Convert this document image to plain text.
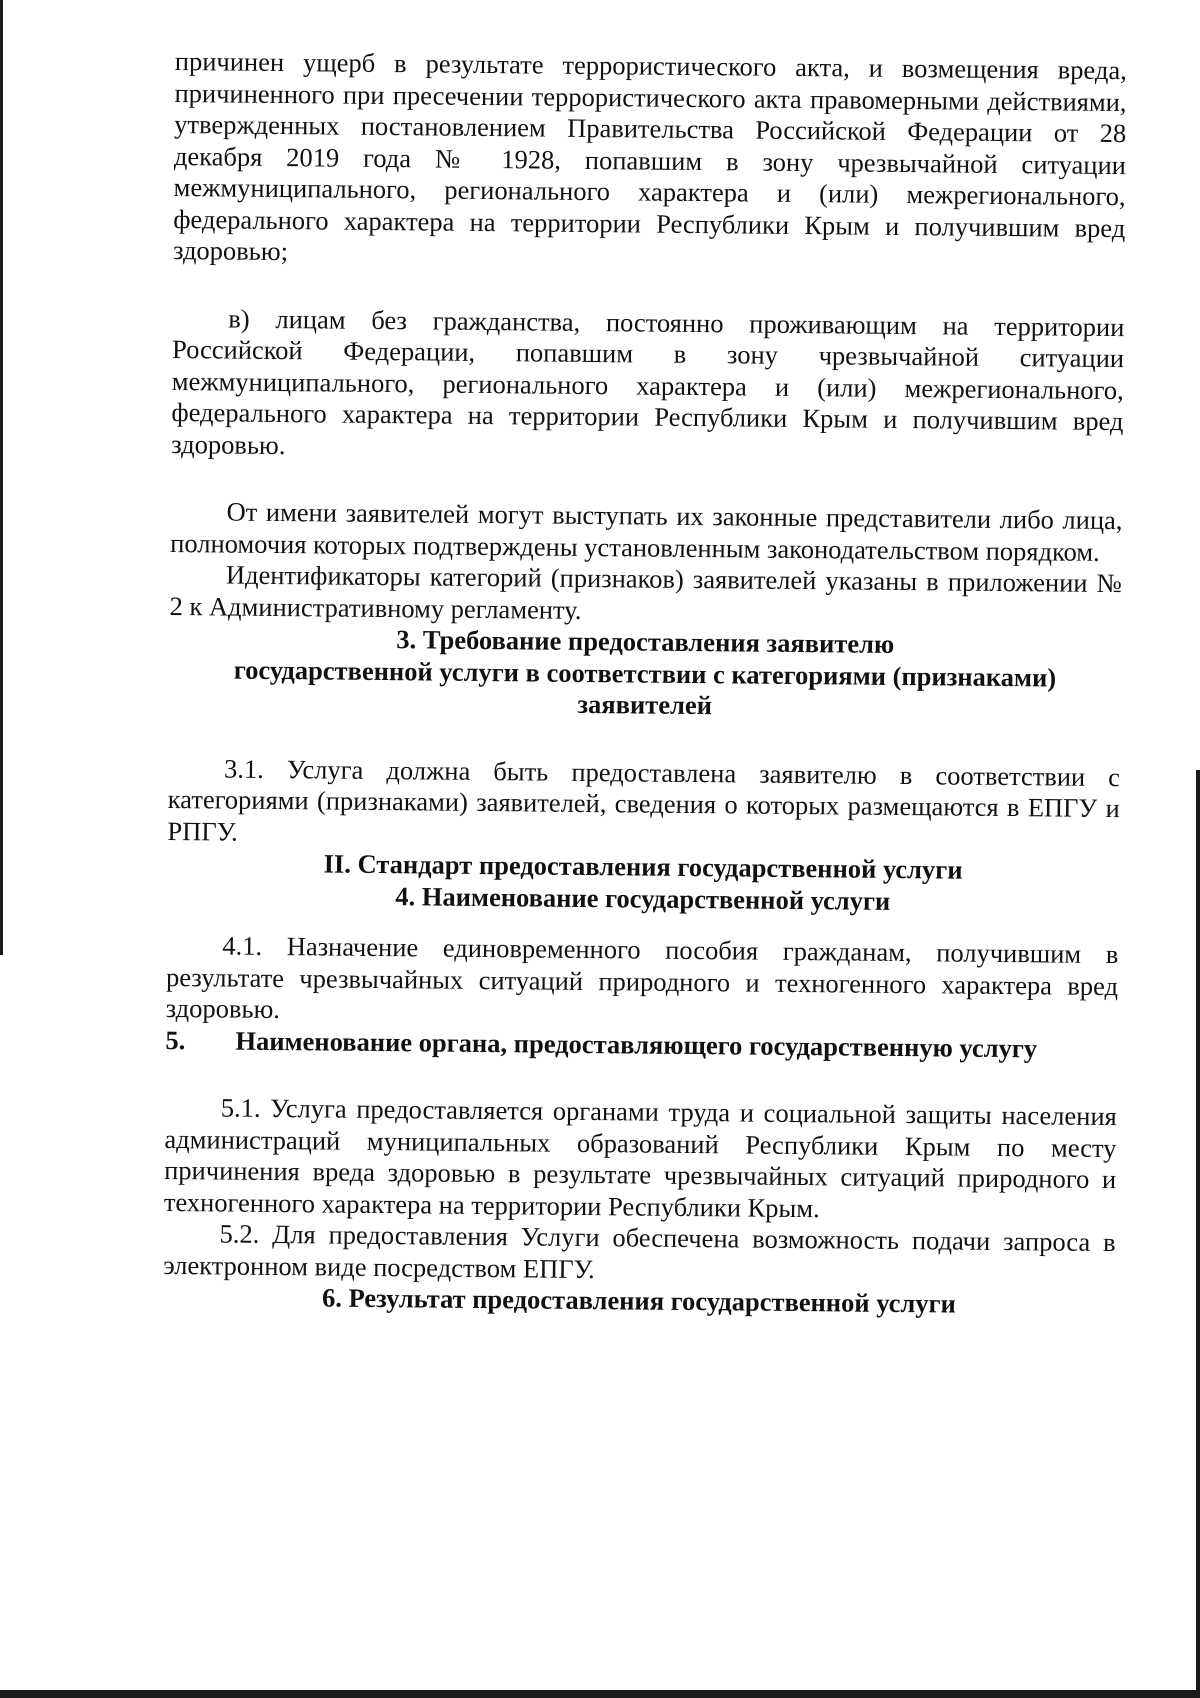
причинен ущерб в результате террористического акта, и возмещения вреда, причиненного при пресечении террористического акта правомерными действиями, утвержденных постановлением Правительства Российской Федерации от 28 декабря 2019 года № 1928, попавшим в зону чрезвычайной ситуации межмуниципального, регионального характера и (или) межрегионального, федерального характера на территории Республики Крым и получившим вред здоровью;

в) лицам без гражданства, постоянно проживающим на территории Российской Федерации, попавшим в зону чрезвычайной ситуации межмуниципального, регионального характера и (или) межрегионального, федерального характера на территории Республики Крым и получившим вред здоровью.

От имени заявителей могут выступать их законные представители либо лица, полномочия которых подтверждены установленным законодательством порядком.

Идентификаторы категорий (признаков) заявителей указаны в приложении № 2 к Административному регламенту.

3. Требование предоставления заявителю
государственной услуги в соответствии с категориями (признаками)
заявителей

3.1. Услуга должна быть предоставлена заявителю в соответствии с категориями (признаками) заявителей, сведения о которых размещаются в ЕПГУ и РПГУ.

II. Стандарт предоставления государственной услуги

4. Наименование государственной услуги

4.1. Назначение единовременного пособия гражданам, получившим в результате чрезвычайных ситуаций природного и техногенного характера вред здоровью.

5.	Наименование органа, предоставляющего государственную услугу

5.1. Услуга предоставляется органами труда и социальной защиты населения администраций муниципальных образований Республики Крым по месту причинения вреда здоровью в результате чрезвычайных ситуаций природного и техногенного характера на территории Республики Крым.

5.2. Для предоставления Услуги обеспечена возможность подачи запроса в электронном виде посредством ЕПГУ.

6. Результат предоставления государственной услуги
